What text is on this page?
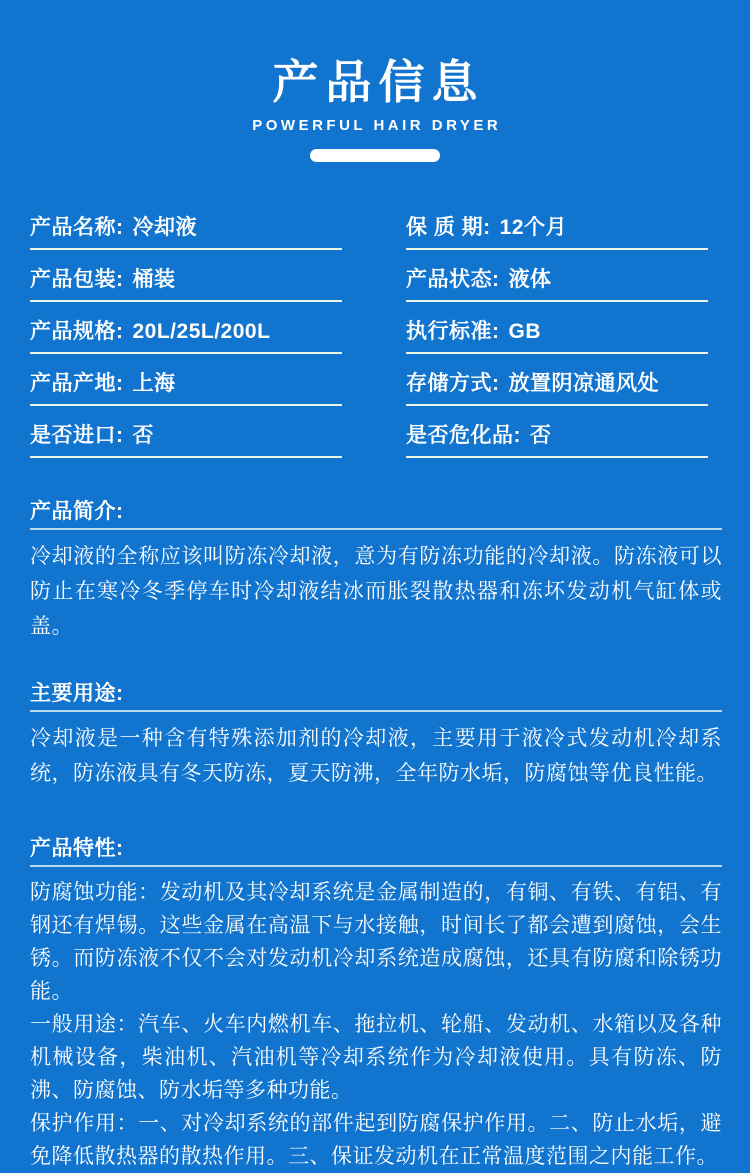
产品信息
POWERFUL HAIR DRYER
产品名称: 冷却液	保 质 期: 12个月
产品包装: 桶装	产品状态: 液体
产品规格: 20L/25L/200L	执行标准: GB
产品产地: 上海	存储方式: 放置阴凉通风处
是否进口: 否	是否危化品: 否
产品简介:

冷却液的全称应该叫防冻冷却液，意为有防冻功能的冷却液。防冻液可以防止在寒冷冬季停车时冷却液结冰而胀裂散热器和冻坏发动机气缸体或盖。

主要用途:

冷却液是一种含有特殊添加剂的冷却液，主要用于液冷式发动机冷却系统，防冻液具有冬天防冻，夏天防沸，全年防水垢，防腐蚀等优良性能。

产品特性:

防腐蚀功能：发动机及其冷却系统是金属制造的，有铜、有铁、有铝、有钢还有焊锡。这些金属在高温下与水接触，时间长了都会遭到腐蚀，会生锈。而防冻液不仅不会对发动机冷却系统造成腐蚀，还具有防腐和除锈功能。

一般用途：汽车、火车内燃机车、拖拉机、轮船、发动机、水箱以及各种机械设备，柴油机、汽油机等冷却系统作为冷却液使用。具有防冻、防沸、防腐蚀、防水垢等多种功能。

保护作用：一、对冷却系统的部件起到防腐保护作用。二、防止水垢，避免降低散热器的散热作用。三、保证发动机在正常温度范围之内能工作。
